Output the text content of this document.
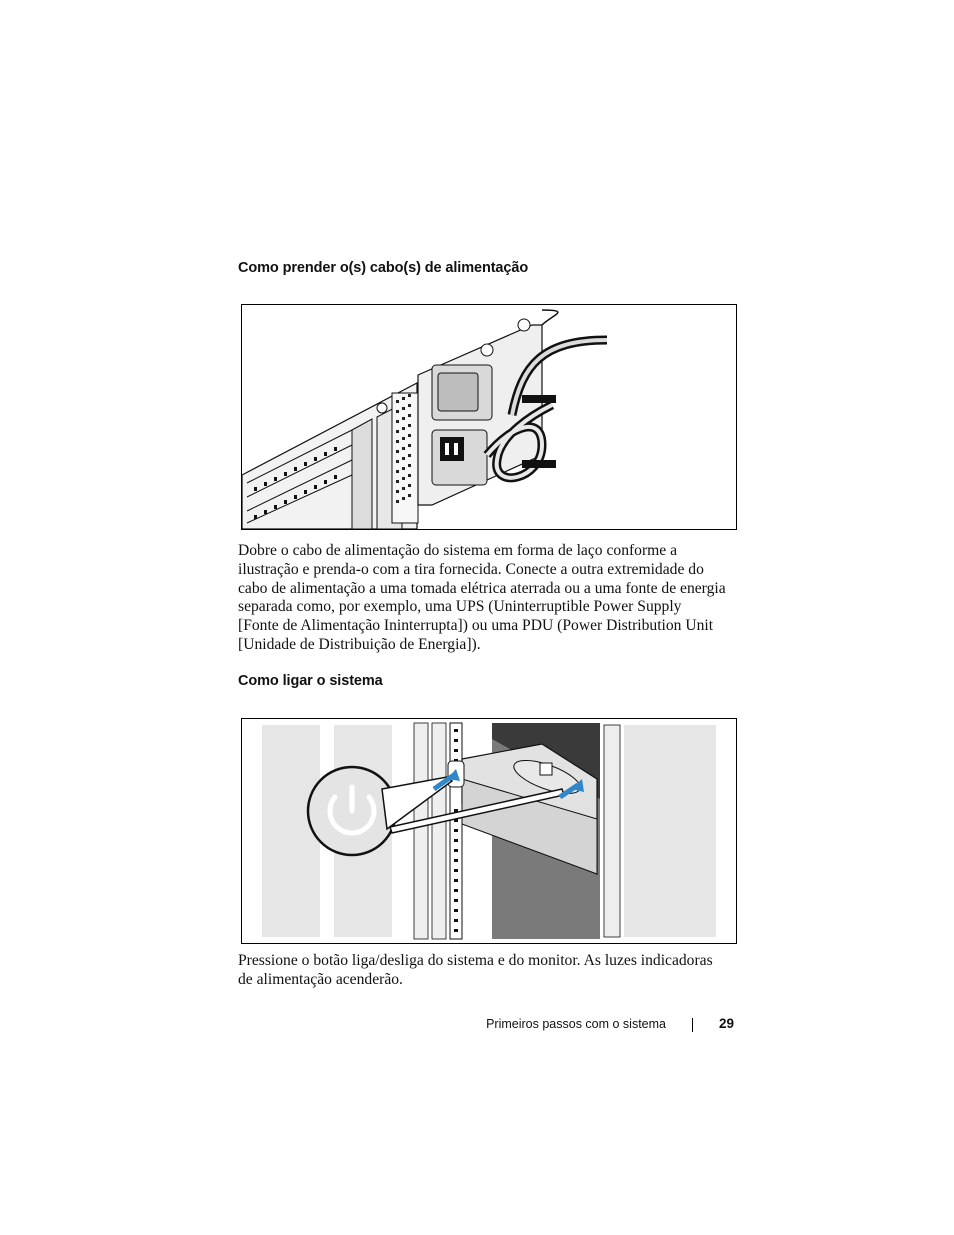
Como prender o(s) cabo(s) de alimentação

Dobre o cabo de alimentação do sistema em forma de laço conforme a
ilustração e prenda-o com a tira fornecida. Conecte a outra extremidade do
cabo de alimentação a uma tomada elétrica aterrada ou a uma fonte de energia
separada como, por exemplo, uma UPS (Uninterruptible Power Supply
[Fonte de Alimentação Ininterrupta]) ou uma PDU (Power Distribution Unit
[Unidade de Distribuição de Energia]).

Como ligar o sistema

Pressione o botão liga/desliga do sistema e do monitor. As luzes indicadoras
de alimentação acenderão.

Primeiros passos com o sistema	29
